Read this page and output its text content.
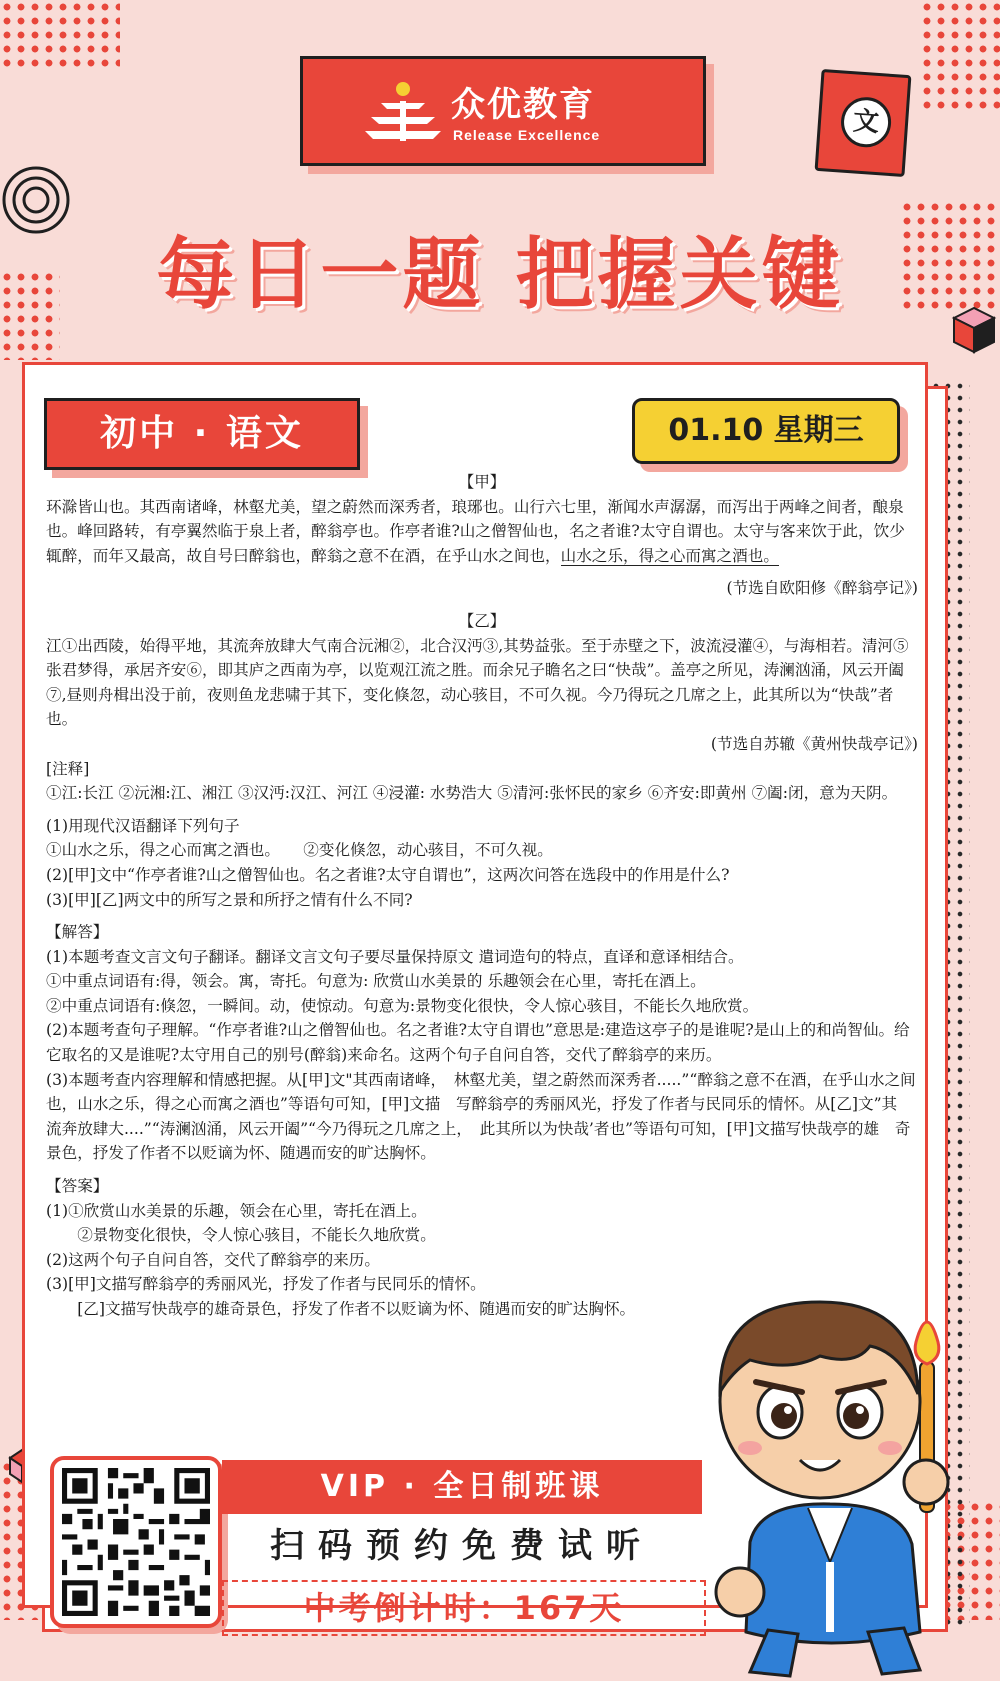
众优教育
Release Excellence	文
每日一题 把握关键
初中 · 语文	01.10 星期三

【甲】

环滁皆山也。其西南诸峰，林壑尤美，望之蔚然而深秀者，琅琊也。山行六七里，渐闻水声潺潺，而泻出于两峰之间者，酿泉也。峰回路转，有亭翼然临于泉上者，醉翁亭也。作亭者谁?山之僧智仙也，名之者谁?太守自谓也。太守与客来饮于此，饮少辄醉，而年又最高，故自号曰醉翁也，醉翁之意不在酒，在乎山水之间也，山水之乐，得之心而寓之酒也。

(节选自欧阳修《醉翁亭记》)

【乙】

江①出西陵，始得平地，其流奔放肆大气南合沅湘②，北合汉沔③,其势益张。至于赤壁之下，波流浸灌④，与海相若。清河⑤张君梦得，承居齐安⑥，即其庐之西南为亭，以览观江流之胜。而余兄子瞻名之曰“快哉”。盖亭之所见，涛澜汹涌，风云开阖⑦,昼则舟楫出没于前，夜则鱼龙悲啸于其下，变化倏忽，动心骇目，不可久视。今乃得玩之几席之上，此其所以为“快哉”者也。

(节选自苏辙《黄州快哉亭记》)

[注释]

①江:长江 ②沅湘:江、湘江 ③汉沔:汉江、河江 ④浸灌: 水势浩大 ⑤清河:张怀民的家乡 ⑥齐安:即黄州 ⑦阖:闭，意为天阴。

(1)用现代汉语翻译下列句子

①山水之乐，得之心而寓之酒也。　　②变化倏忽，动心骇目，不可久视。

(2)[甲]文中“作亭者谁?山之僧智仙也。名之者谁?太守自谓也”，这两次问答在选段中的作用是什么?

(3)[甲][乙]两文中的所写之景和所抒之情有什么不同?

【解答】

(1)本题考查文言文句子翻译。翻译文言文句子要尽量保持原文 遣词造句的特点，直译和意译相结合。

①中重点词语有:得，领会。寓，寄托。句意为: 欣赏山水美景的 乐趣领会在心里，寄托在酒上。

②中重点词语有:倏忽，一瞬间。动，使惊动。句意为:景物变化很快，令人惊心骇目，不能长久地欣赏。

(2)本题考查句子理解。“作亭者谁?山之僧智仙也。名之者谁?太守自谓也”意思是:建造这亭子的是谁呢?是山上的和尚智仙。给它取名的又是谁呢?太守用自己的别号(醉翁)来命名。这两个句子自问自答，交代了醉翁亭的来历。

(3)本题考查内容理解和情感把握。从[甲]文"其西南诸峰，　林壑尤美，望之蔚然而深秀者.....”“醉翁之意不在酒，在乎山水之间也，山水之乐，得之心而寓之酒也”等语句可知，[甲]文描　写醉翁亭的秀丽风光，抒发了作者与民同乐的情怀。从[乙]文”其　流奔放肆大....”“涛澜汹涌，风云开阖”“今乃得玩之几席之上，　此其所以为快哉’者也”等语句可知，[甲]文描写快哉亭的雄　奇景色，抒发了作者不以贬谪为怀、随遇而安的旷达胸怀。

【答案】

(1)①欣赏山水美景的乐趣，领会在心里，寄托在酒上。

　　②景物变化很快，令人惊心骇目，不能长久地欣赏。

(2)这两个句子自问自答，交代了醉翁亭的来历。

(3)[甲]文描写醉翁亭的秀丽风光，抒发了作者与民同乐的情怀。

　　[乙]文描写快哉亭的雄奇景色，抒发了作者不以贬谪为怀、随遇而安的旷达胸怀。

VIP · 全日制班课
扫码预约免费试听
中考倒计时：167天
